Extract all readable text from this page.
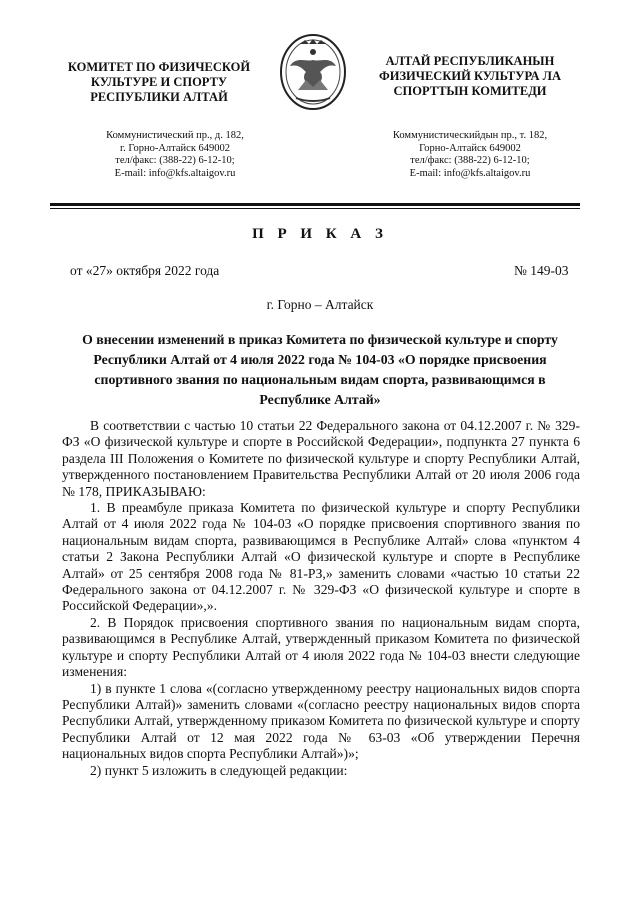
КОМИТЕТ ПО ФИЗИЧЕСКОЙ
КУЛЬТУРЕ И СПОРТУ
РЕСПУБЛИКИ АЛТАЙ
АЛТАЙ РЕСПУБЛИКАНЫН
ФИЗИЧЕСКИЙ КУЛЬТУРА ЛА
СПОРТТЫН КОМИТЕДИ
Коммунистический пр., д. 182,
г. Горно-Алтайск 649002
тел/факс: (388-22) 6-12-10;
E-mail: info@kfs.altaigov.ru
Коммунистическийдын пр., т. 182,
Горно-Алтайск 649002
тел/факс: (388-22) 6-12-10;
E-mail: info@kfs.altaigov.ru
П Р И К А З
от «27» октября 2022 года	№ 149-03
г. Горно – Алтайск
О внесении изменений в приказ Комитета по физической культуре и спорту Республики Алтай от 4 июля 2022 года № 104-03 «О порядке присвоения спортивного звания по национальным видам спорта, развивающимся в Республике Алтай»

В соответствии с частью 10 статьи 22 Федерального закона от 04.12.2007 г. № 329-ФЗ «О физической культуре и спорте в Российской Федерации», подпункта 27 пункта 6 раздела III Положения о Комитете по физической культуре и спорту Республики Алтай, утвержденного постановлением Правительства Республики Алтай от 20 июля 2006 года № 178, ПРИКАЗЫВАЮ:

1. В преамбуле приказа Комитета по физической культуре и спорту Республики Алтай от 4 июля 2022 года № 104-03 «О порядке присвоения спортивного звания по национальным видам спорта, развивающимся в Республике Алтай» слова «пунктом 4 статьи 2 Закона Республики Алтай «О физической культуре и спорте в Республике Алтай» от 25 сентября 2008 года № 81-РЗ,» заменить словами «частью 10 статьи 22 Федерального закона от 04.12.2007 г. № 329-ФЗ «О физической культуре и спорте в Российской Федерации»,».

2. В Порядок присвоения спортивного звания по национальным видам спорта, развивающимся в Республике Алтай, утвержденный приказом Комитета по физической культуре и спорту Республики Алтай от 4 июля 2022 года № 104-03 внести следующие изменения:

1) в пункте 1 слова «(согласно утвержденному реестру национальных видов спорта Республики Алтай)» заменить словами «(согласно реестру национальных видов спорта Республики Алтай, утвержденному приказом Комитета по физической культуре и спорту Республики Алтай от 12 мая 2022 года № 63-03 «Об утверждении Перечня национальных видов спорта Республики Алтай»)»;

2) пункт 5 изложить в следующей редакции:
